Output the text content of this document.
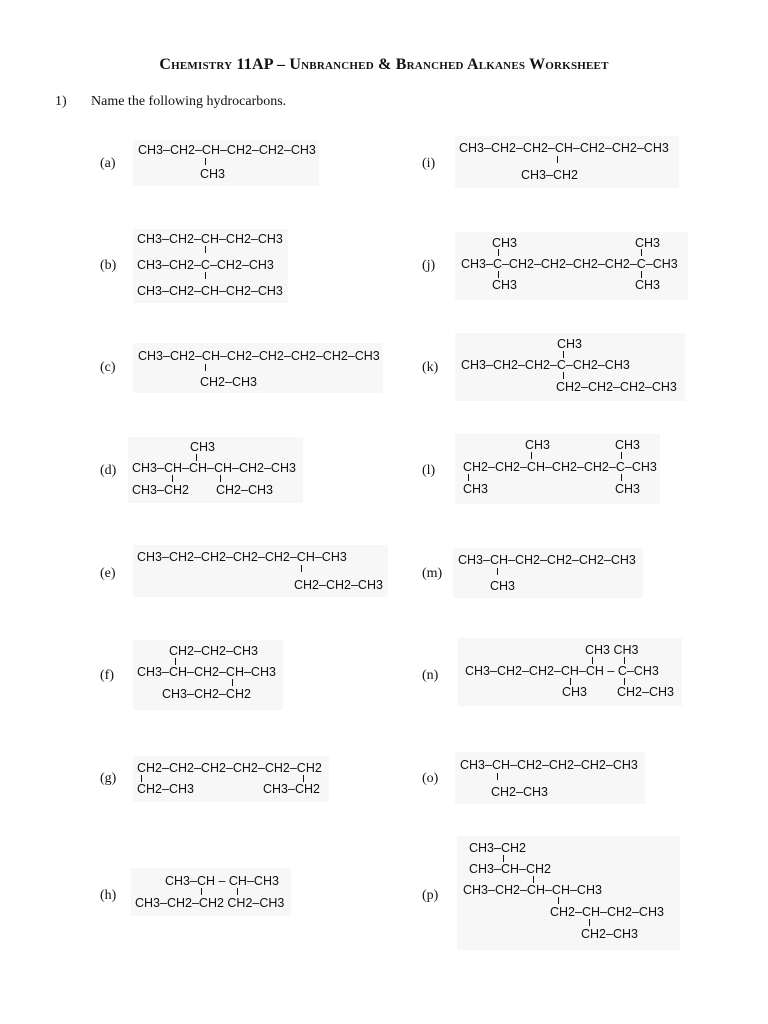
Chemistry 11AP – Unbranched & Branched Alkanes Worksheet
1) Name the following hydrocarbons.
(a)
CH3–CH2–CH–CH2–CH2–CH3
CH3
(b)
CH3–CH2–CH–CH2–CH3
CH3–CH2–C–CH2–CH3
CH3–CH2–CH–CH2–CH3
(c)
CH3–CH2–CH–CH2–CH2–CH2–CH2–CH3
CH2–CH3
(d)
CH3
CH3–CH–CH–CH–CH2–CH3
CH3–CH2 CH2–CH3
(e)
CH3–CH2–CH2–CH2–CH2–CH–CH3
CH2–CH2–CH3
(f)
CH2–CH2–CH3
CH3–CH–CH2–CH–CH3
CH3–CH2–CH2
(g)
CH2–CH2–CH2–CH2–CH2–CH2
CH2–CH3	CH3–CH2
(h)
CH3–CH – CH–CH3
CH3–CH2–CH2 CH2–CH3
(i)
CH3–CH2–CH2–CH–CH2–CH2–CH3
CH3–CH2
(j)
CH3	CH3
CH3–C–CH2–CH2–CH2–CH2–C–CH3
CH3	CH3
(k)
CH3
CH3–CH2–CH2–C–CH2–CH3
CH2–CH2–CH2–CH3
(l)
CH3	CH3
CH2–CH2–CH–CH2–CH2–C–CH3
CH3	CH3
(m)
CH3–CH–CH2–CH2–CH2–CH3
CH3
(n)
CH3 CH3
CH3–CH2–CH2–CH–CH – C–CH3
CH3 CH2–CH3
(o)
CH3–CH–CH2–CH2–CH2–CH3
CH2–CH3
(p)
CH3–CH2
CH3–CH–CH2
CH3–CH2–CH–CH–CH3
CH2–CH–CH2–CH3
CH2–CH3
